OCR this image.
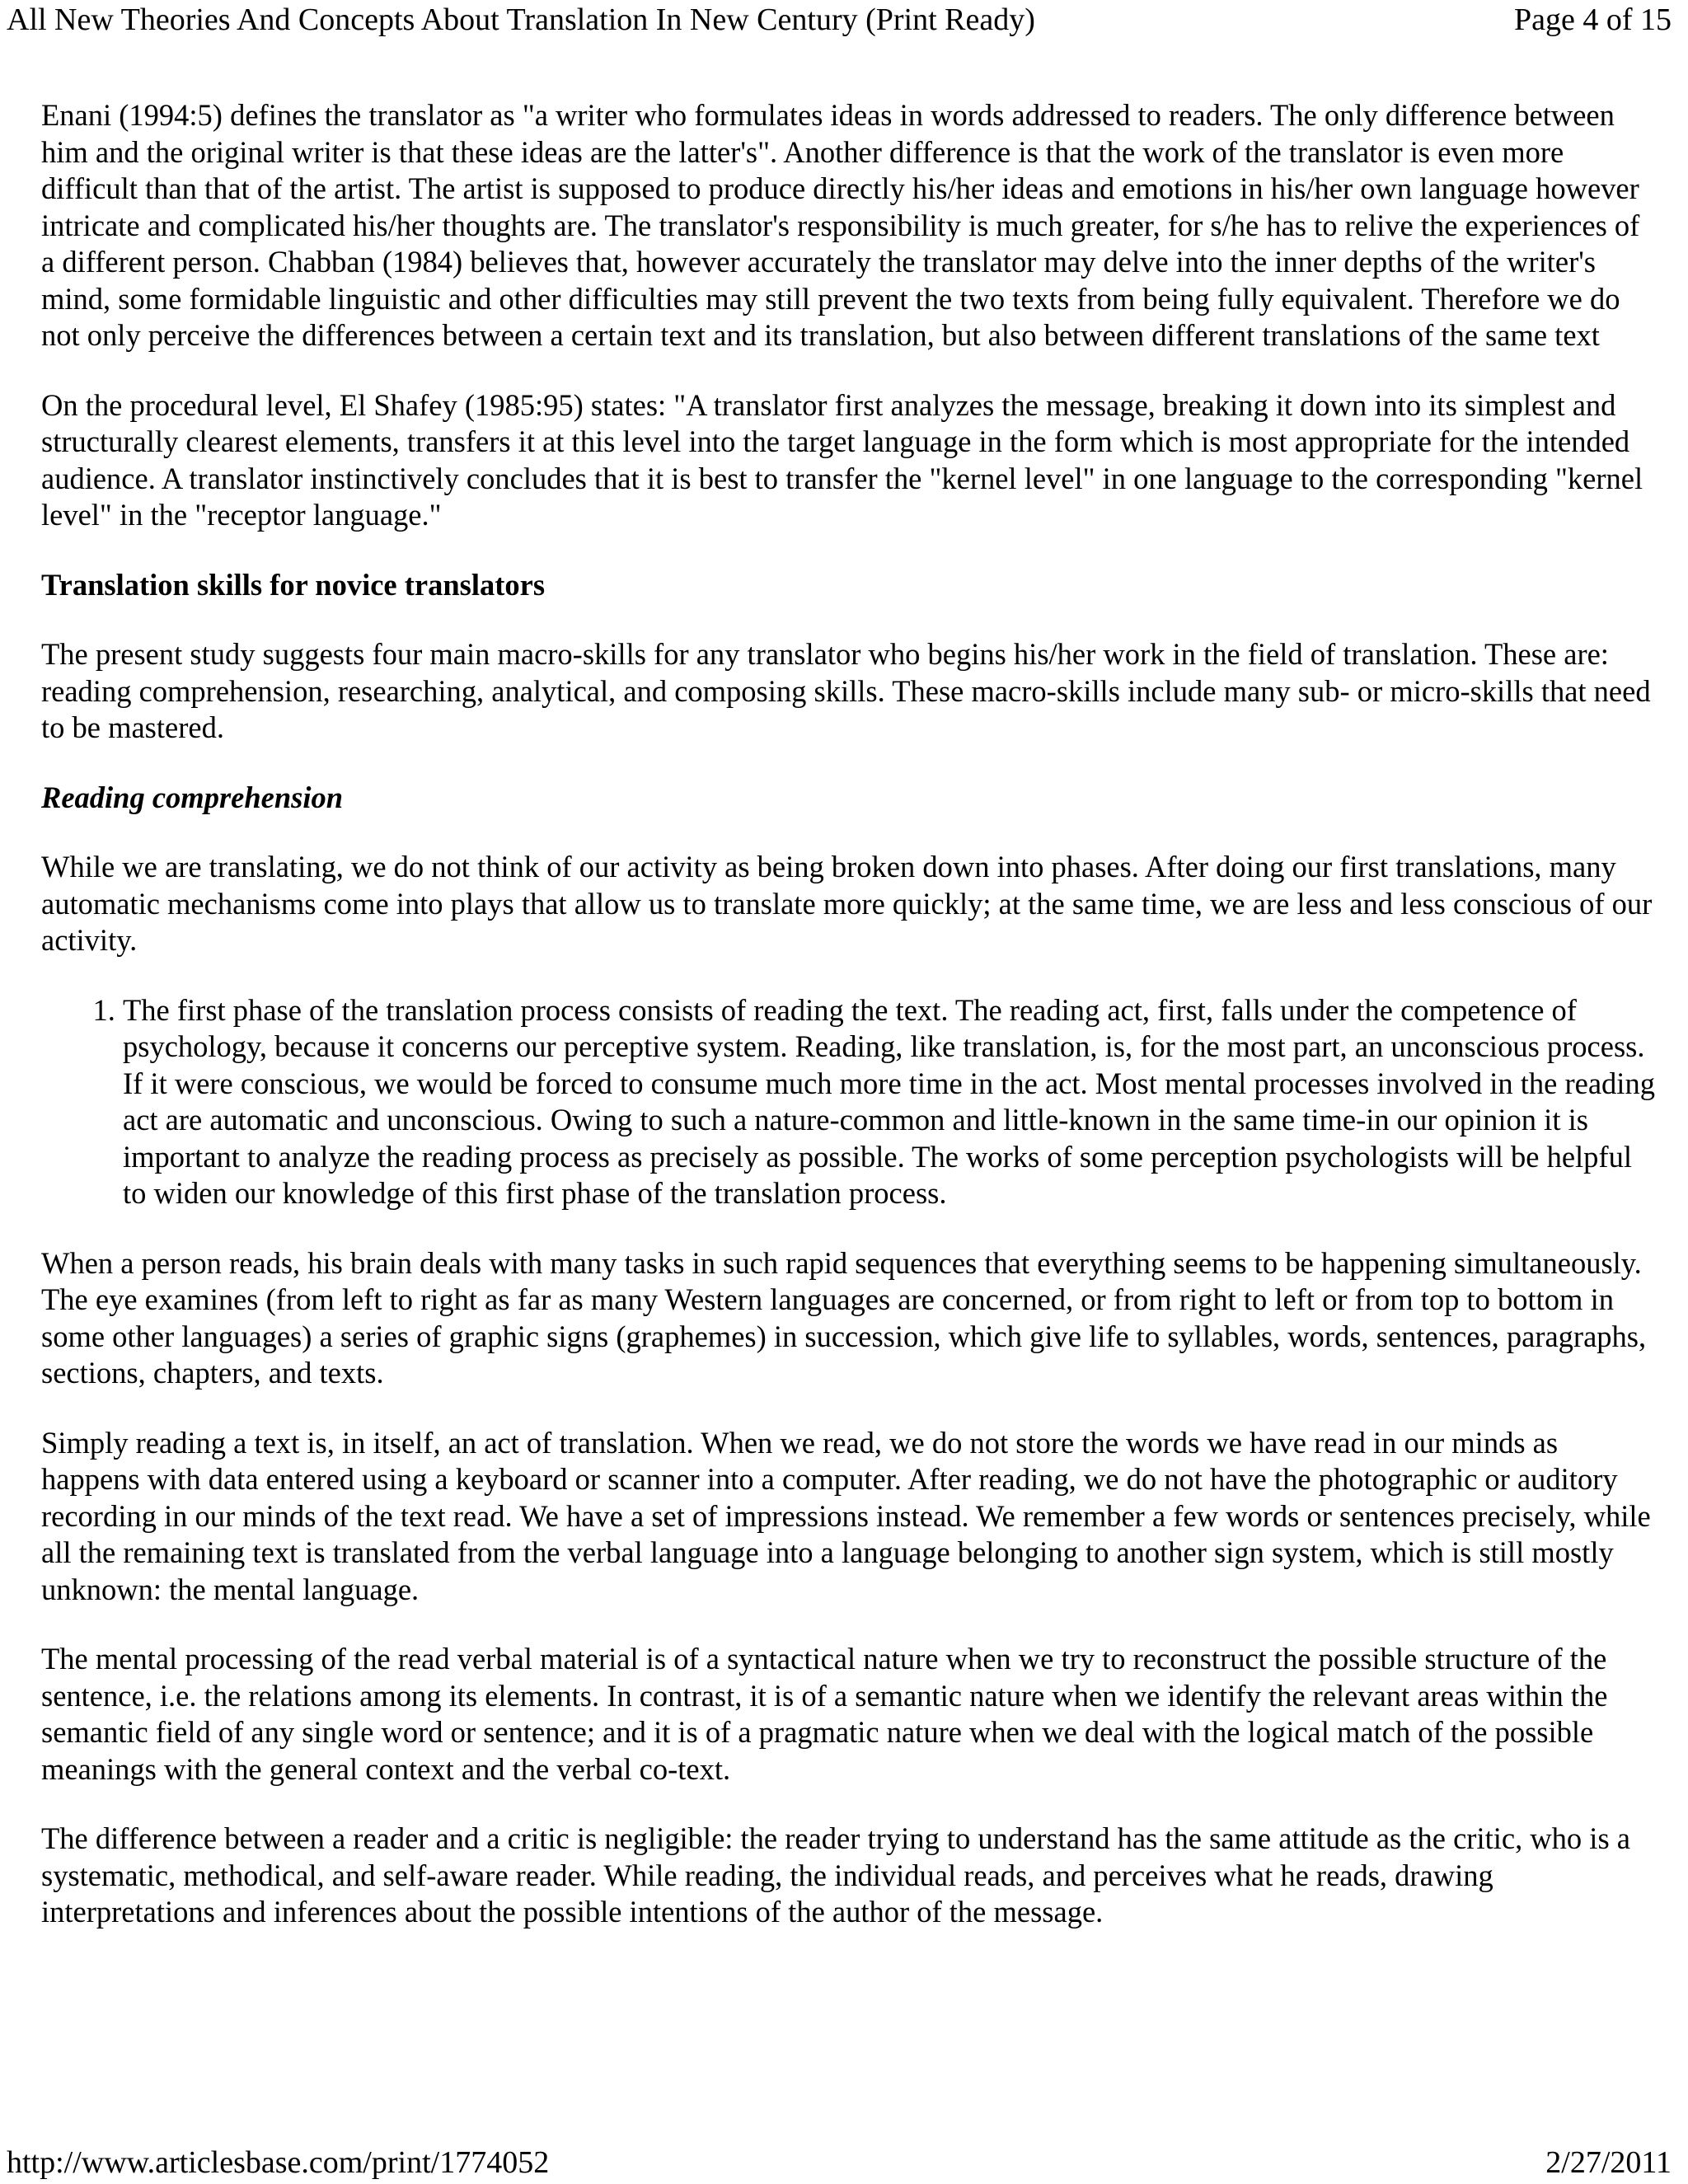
All New Theories And Concepts About Translation In New Century (Print Ready)	Page 4 of 15

Enani (1994:5) defines the translator as "a writer who formulates ideas in words addressed to readers. The only difference between him and the original writer is that these ideas are the latter's". Another difference is that the work of the translator is even more difficult than that of the artist. The artist is supposed to produce directly his/her ideas and emotions in his/her own language however intricate and complicated his/her thoughts are. The translator's responsibility is much greater, for s/he has to relive the experiences of a different person. Chabban (1984) believes that, however accurately the translator may delve into the inner depths of the writer's mind, some formidable linguistic and other difficulties may still prevent the two texts from being fully equivalent. Therefore we do not only perceive the differences between a certain text and its translation, but also between different translations of the same text

On the procedural level, El Shafey (1985:95) states: "A translator first analyzes the message, breaking it down into its simplest and structurally clearest elements, transfers it at this level into the target language in the form which is most appropriate for the intended audience. A translator instinctively concludes that it is best to transfer the "kernel level" in one language to the corresponding "kernel level" in the "receptor language."

Translation skills for novice translators

The present study suggests four main macro-skills for any translator who begins his/her work in the field of translation. These are: reading comprehension, researching, analytical, and composing skills. These macro-skills include many sub- or micro-skills that need to be mastered.

Reading comprehension

While we are translating, we do not think of our activity as being broken down into phases. After doing our first translations, many automatic mechanisms come into plays that allow us to translate more quickly; at the same time, we are less and less conscious of our activity.

1. The first phase of the translation process consists of reading the text. The reading act, first, falls under the competence of psychology, because it concerns our perceptive system. Reading, like translation, is, for the most part, an unconscious process. If it were conscious, we would be forced to consume much more time in the act. Most mental processes involved in the reading act are automatic and unconscious. Owing to such a nature-common and little-known in the same time-in our opinion it is important to analyze the reading process as precisely as possible. The works of some perception psychologists will be helpful to widen our knowledge of this first phase of the translation process.

When a person reads, his brain deals with many tasks in such rapid sequences that everything seems to be happening simultaneously. The eye examines (from left to right as far as many Western languages are concerned, or from right to left or from top to bottom in some other languages) a series of graphic signs (graphemes) in succession, which give life to syllables, words, sentences, paragraphs, sections, chapters, and texts.

Simply reading a text is, in itself, an act of translation. When we read, we do not store the words we have read in our minds as happens with data entered using a keyboard or scanner into a computer. After reading, we do not have the photographic or auditory recording in our minds of the text read. We have a set of impressions instead. We remember a few words or sentences precisely, while all the remaining text is translated from the verbal language into a language belonging to another sign system, which is still mostly unknown: the mental language.

The mental processing of the read verbal material is of a syntactical nature when we try to reconstruct the possible structure of the sentence, i.e. the relations among its elements. In contrast, it is of a semantic nature when we identify the relevant areas within the semantic field of any single word or sentence; and it is of a pragmatic nature when we deal with the logical match of the possible meanings with the general context and the verbal co-text.

The difference between a reader and a critic is negligible: the reader trying to understand has the same attitude as the critic, who is a systematic, methodical, and self-aware reader. While reading, the individual reads, and perceives what he reads, drawing interpretations and inferences about the possible intentions of the author of the message.

http://www.articlesbase.com/print/1774052	2/27/2011
